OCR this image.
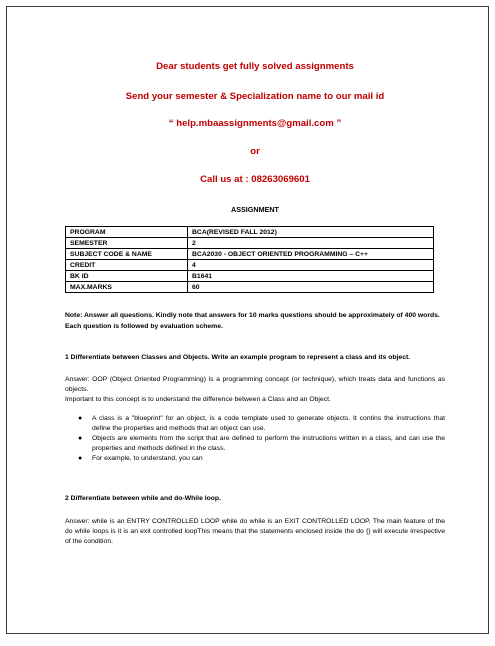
Dear students get fully solved assignments
Send your semester & Specialization name to our mail id
“ help.mbaassignments@gmail.com ”
or
Call us at : 08263069601
ASSIGNMENT
PROGRAM	BCA(REVISED FALL 2012)
SEMESTER	2
SUBJECT CODE & NAME	BCA2030 - OBJECT ORIENTED PROGRAMMING – C++
CREDIT	4
BK ID	B1641
MAX.MARKS	60
Note: Answer all questions. Kindly note that answers for 10 marks questions should be approximately of 400 words. Each question is followed by evaluation scheme.
1 Differentiate between Classes and Objects. Write an example program to represent a class and its object.
Answer: OOP (Object Oriented Programming) is a programming concept (or technique), which treats data and functions as objects.
Important to this concept is to understand the difference between a Class and an Object.
● A class is a "blueprint" for an object, is a code template used to generate objects. It contins the instructions that define the properties and methods that an object can use.
● Objects are elements from the script that are defined to perform the instructions written in a class, and can use the properties and methods defined in the class.
● For example, to understand, you can
2 Differentiate between while and do-While loop.
Answer: while is an ENTRY CONTROLLED LOOP while do while is an EXIT CONTROLLED LOOP. The main feature of the do while loops is it is an exit controlled loopThis means that the statements enclosed inside the do {} will execute irrespective of the condition.
